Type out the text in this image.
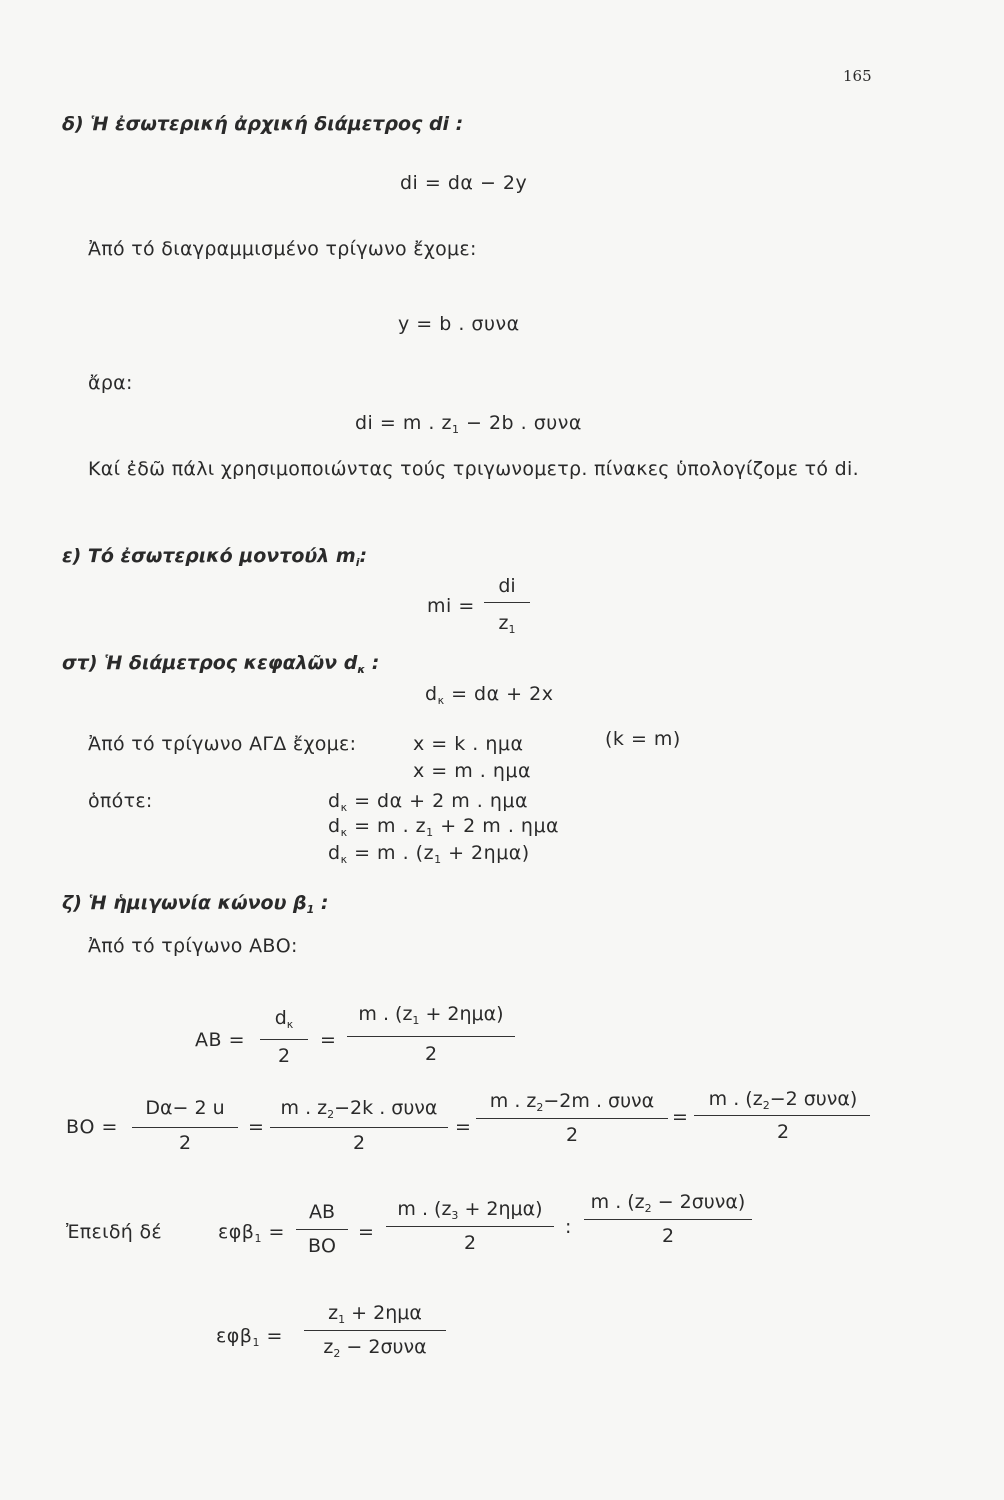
165
δ) Ἡ ἐσωτερική ἀρχική διάμετρος di :
di = dα − 2y
Ἀπό τό διαγραμμισμένο τρίγωνο ἔχομε:
y = b . συνα
ἄρα:
di = m . $z_1 - 2b$ . συνα
Καί ἐδῶ πάλι χρησιμοποιώντας τούς τριγωνομετρ. πίνακες ὑπολογίζομε τό di.
ε) Τό ἐσωτερικό μοντούλ $m_i$:
mi =
di
$z_1$
στ) Ἡ διάμετρος κεφαλῶν $d_\kappa$ :
$d_\kappa = d\alpha + 2x$
Ἀπό τό τρίγωνο ΑΓΔ ἔχομε:	x = k . ημα	(k = m)
x = m . ημα
ὁπότε:	$d_\kappa = d\alpha + 2$ m . ημα
$d_\kappa = m$ . $z_1 + 2$ m . ημα
$d_\kappa = m$ . $(z_1 + 2\eta\mu\alpha)$
ζ) Ἡ ἡμιγωνία κώνου $\beta_1$ :
Ἀπό τό τρίγωνο ΑΒΟ:
ΑΒ =
$d_\kappa$
2
=
m . $(z_1 + 2\eta\mu\alpha)$
2
ΒΟ =
Dα− 2 u
2
=
m . $z_2-2k$ . συνα
2
=
m . $z_2-2m$ . συνα
2
=
m . ($z_2-2$ συνα)
2
Ἐπειδή δέ	εφβ$_1$ =
ΑΒ
ΒΟ
=
m . $(z_3 + 2\eta\mu\alpha)$
2
:
m . $(z_2 - 2\sigma\upsilon\nu\alpha)$
2
εφβ$_1$ =
$z_1 + 2\eta\mu\alpha$
$z_2 - 2\sigma\upsilon\nu\alpha$
